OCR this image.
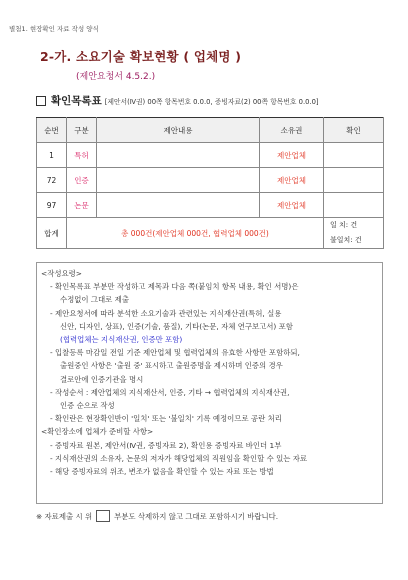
별첨1. 현장확인 자료 작성 양식
2-가. 소요기술 확보현황 ( 업체명 )
(제안요청서 4.5.2.)
확인목록표 [제안서(Ⅳ권) 00쪽 항목번호 0.0.0, 증빙자료(2) 00쪽 항목번호 0.0.0]
순번	구분	제안내용	소유권	확인
1	특허		제안업체	
72	인증		제안업체	
97	논문		제안업체	
합계	총 000건(제안업체 000건, 협력업체 000건)			일 치: 건
불일치: 건
<작성요령>
- 확인목록표 부분만 작성하고 제목과 다음 쪽(붙임치 항목 내용, 확인 서명)은
수정없이 그대로 제출
- 제안요청서에 따라 분석한 소요기술과 관련있는 지식재산권(특허, 실용
신안, 디자인, 상표), 인증(기술, 품질), 기타(논문, 자체 연구보고서) 포함
(협력업체는 지식재산권, 인증만 포함)
- 입찰등록 마감일 전일 기준 제안업체 및 협력업체의 유효한 사항만 포함하되,
출원중인 사항은 '출원 중' 표시하고 출원증명을 제시하며 인증의 경우
결로안에 인증기관을 명시
- 작성순서 : 제안업체의 지식재산서, 인증, 기타 → 협력업체의 지식재산권,
인증 순으로 작성
- 확인란은 현장확인반이 '일치' 또는 '불일치' 기록 예정이므로 공란 처리
<확인장소에 업체가 준비할 사항>
- 증빙자료 원본, 제안서(Ⅳ권, 증빙자료 2), 확인용 증빙자료 바인더 1부
- 지식재산권의 소유자, 논문의 저자가 해당업체의 직원임을 확인할 수 있는 자료
- 해당 증빙자료의 위조, 변조가 없음을 확인할 수 있는 자료 또는 방법
※ 자료제출 시 위	부분도 삭제하지 않고 그대로 포함하시기 바랍니다.
